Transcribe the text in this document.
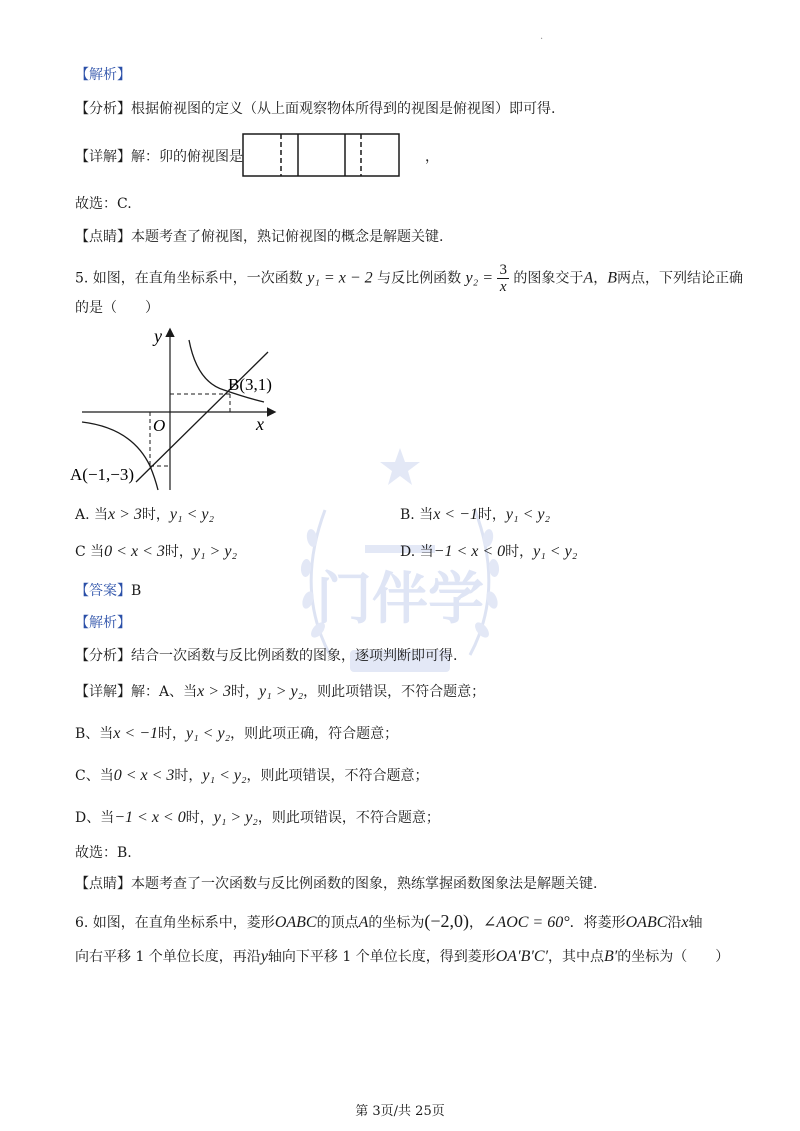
门伴学
·
【解析】
【分析】根据俯视图的定义（从上面观察物体所得到的视图是俯视图）即可得.
【详解】解：卯的俯视图是	，
故选：C.
【点睛】本题考查了俯视图，熟记俯视图的概念是解题关键.
5. 如图，在直角坐标系中，一次函数 y₁ = x − 2 与反比例函数 $y_2 = \frac{3}{x}$ 的图象交于A，B两点，下列结论正确
的是（　　）
y
x
O
B(3,1)
A(−1,−3)
A. 当x > 3时，y₁ < y₂	B. 当x < −1时，y₁ < y₂
C 当0 < x < 3时，y₁ > y₂	D. 当−1 < x < 0时，y₁ < y₂
【答案】B
【解析】
【分析】结合一次函数与反比例函数的图象，逐项判断即可得.
【详解】解：A、当x > 3时，y₁ > y₂，则此项错误，不符合题意；
B、当x < −1时，y₁ < y₂，则此项正确，符合题意；
C、当0 < x < 3时，y₁ < y₂，则此项错误，不符合题意；
D、当−1 < x < 0时，y₁ > y₂，则此项错误，不符合题意；
故选：B.
【点睛】本题考查了一次函数与反比例函数的图象，熟练掌握函数图象法是解题关键.
6. 如图，在直角坐标系中，菱形OABC的顶点A的坐标为(−2,0)，∠AOC = 60°．将菱形OABC沿x轴
向右平移 1 个单位长度，再沿y轴向下平移 1 个单位长度，得到菱形OA′B′C′，其中点B′的坐标为（　　）
第 3页/共 25页
